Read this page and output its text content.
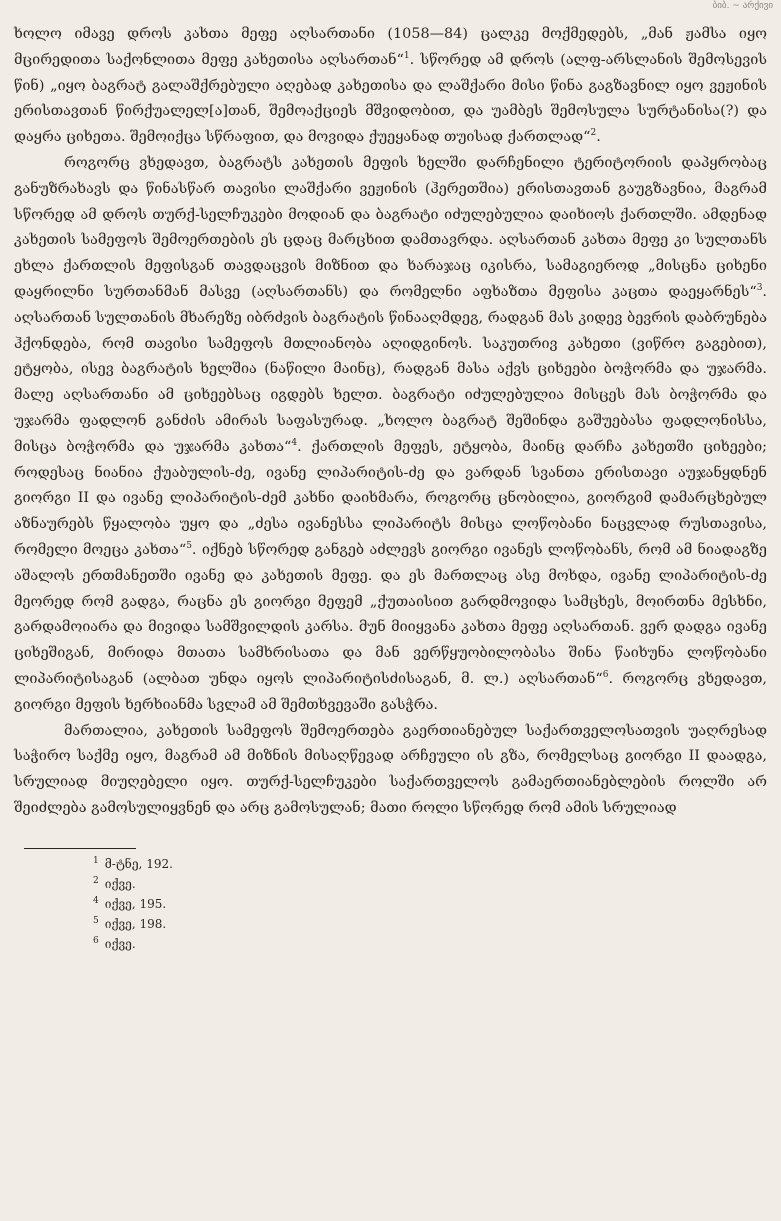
ბიბ. ~ არქივი

ხოლო იმავე დროს კახთა მეფე აღსართანი (1058—84) ცალკე მოქმედებს, „მან ჟამსა იყო მცირედითა საქონლითა მეფე კახეთისა აღსართან“$^1$. სწორედ ამ დროს (ალფ-არსლანის შემოსევის წინ) „იყო ბაგრატ გალაშქრებული აღებად კახეთისა და ლაშქარი მისი წინა გაგზავნილ იყო ვეჟინის ერისთავთან წირქუალელ[ა]თან, შემოაქციეს მშვიდობით, და უამბეს შემოსულა სურტანისა(?) და დაყრა ციხეთა. შემოიქცა სწრაფით, და მოვიდა ქუეყანად თუისად ქართლად“$^2$.

როგორც ვხედავთ, ბაგრატს კახეთის მეფის ხელში დარჩენილი ტერიტორიის დაპყრობაც განუზრახავს და წინასწარ თავისი ლაშქარი ვეჟინის (ჰერეთშია) ერისთავთან გაუგზავნია, მაგრამ სწორედ ამ დროს თურქ-სელჩუკები მოდიან და ბაგრატი იძულებულია დაიხიოს ქართლში. ამდენად კახეთის სამეფოს შემოერთების ეს ცდაც მარცხით დამთავრდა. აღსართან კახთა მეფე კი სულთანს ეხლა ქართლის მეფისგან თავდაცვის მიზნით და ხარაჯაც იკისრა, სამაგიეროდ „მისცნა ციხენი დაყრილნი სურთანმან მასვე (აღსართანს) და რომელნი აფხაზთა მეფისა კაცთა დაეყარნეს“$^3$. აღსართან სულთანის მხარეზე იბრძვის ბაგრატის წინააღმდეგ, რადგან მას კიდევ ბევრის დაბრუნება ჰქონდება, რომ თავისი სამეფოს მთლიანობა აღიდგინოს. საკუთრივ კახეთი (ვიწრო გაგებით), ეტყობა, ისევ ბაგრატის ხელშია (ნაწილი მაინც), რადგან მასა აქვს ციხეები ბოჭორმა და უჯარმა. მალე აღსართანი ამ ციხეებსაც იგდებს ხელთ. ბაგრატი იძულებულია მისცეს მას ბოჭორმა და უჯარმა ფადლონ განძის ამირას საფასურად. „ხოლო ბაგრატ შეშინდა გაშუებასა ფადლონისსა, მისცა ბოჭორმა და უჯარმა კახთა“$^4$. ქართლის მეფეს, ეტყობა, მაინც დარჩა კახეთში ციხეები; როდესაც ნიანია ქუაბულის-ძე, ივანე ლიპარიტის-ძე და ვარდან სვანთა ერისთავი აუჯანყდნენ გიორგი II და ივანე ლიპარიტის-ძემ კახნი დაიხმარა, როგორც ცნობილია, გიორგიმ დამარცხებულ აზნაურებს წყალობა უყო და „ძესა ივანესსა ლიპარიტს მისცა ლოწობანი ნაცვლად რუსთავისა, რომელი მოეცა კახთა“$^5$. იქნებ სწორედ განგებ აძლევს გიორგი ივანეს ლოწობანს, რომ ამ ნიადაგზე აშალოს ერთმანეთში ივანე და კახეთის მეფე. და ეს მართლაც ასე მოხდა, ივანე ლიპარიტის-ძე მეორედ რომ გადგა, რაცნა ეს გიორგი მეფემ „ქუთაისით გარდმოვიდა სამცხეს, მოირთნა მესხნი, გარდამოიარა და მივიდა სამშვილდის კარსა. მუნ მიიყვანა კახთა მეფე აღსართან. ვერ დადგა ივანე ციხეშიგან, მირიდა მთათა სამხრისათა და მან ვერწყუობილობასა შინა წაიხუნა ლოწობანი ლიპარიტისაგან (ალბათ უნდა იყოს ლიპარიტისძისაგან, მ. ლ.) აღსართან“$^6$. როგორც ვხედავთ, გიორგი მეფის ხერხიანმა სვლამ ამ შემთხვევაში გასჭრა.

მართალია, კახეთის სამეფოს შემოერთება გაერთიანებულ საქართველოსათვის უაღრესად საჭირო საქმე იყო, მაგრამ ამ მიზნის მისაღწევად არჩეული ის გზა, რომელსაც გიორგი II დაადგა, სრულიად მიუღებელი იყო. თურქ-სელჩუკები საქართველოს გამაერთიანებლების როლში არ შეიძლება გამოსულიყვნენ და არც გამოსულან; მათი როლი სწორედ რომ ამის სრულიად

$^1$ მ-ტნე, 192.

$^2$ იქვე.

$^4$ იქვე, 195.

$^5$ იქვე, 198.

$^6$ იქვე.
